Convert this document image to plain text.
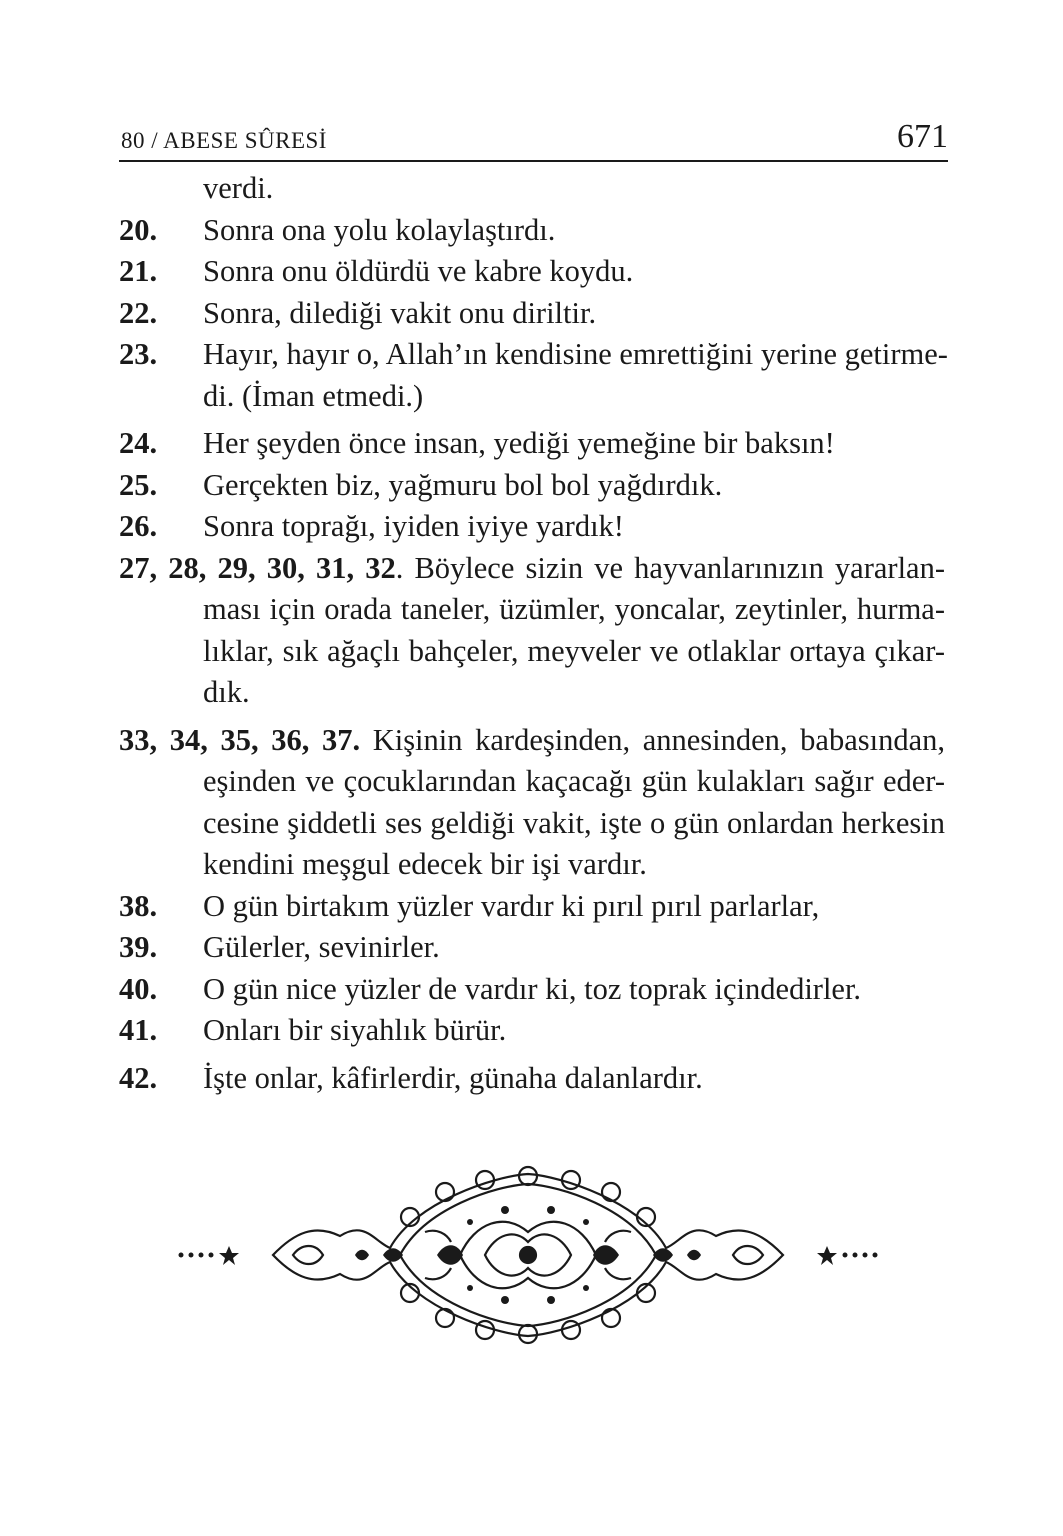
80 / ABESE SÛRESİ	671
verdi.
20. Sonra ona yolu kolaylaştırdı.
21. Sonra onu öldürdü ve kabre koydu.
22. Sonra, dilediği vakit onu diriltir.
23. Hayır, hayır o, Allah’ın kendisine emrettiğini yerine getirme-
di. (İman etmedi.)
24. Her şeyden önce insan, yediği yemeğine bir baksın!
25. Gerçekten biz, yağmuru bol bol yağdırdık.
26. Sonra toprağı, iyiden iyiye yardık!
27, 28, 29, 30, 31, 32. Böylece sizin ve hayvanlarınızın yararlan-
ması için orada taneler, üzümler, yoncalar, zeytinler, hurma-
lıklar, sık ağaçlı bahçeler, meyveler ve otlaklar ortaya çıkar-
dık.
33, 34, 35, 36, 37. Kişinin kardeşinden, annesinden, babasından,
eşinden ve çocuklarından kaçacağı gün kulakları sağır eder-
cesine şiddetli ses geldiği vakit, işte o gün onlardan herkesin
kendini meşgul edecek bir işi vardır.
38. O gün birtakım yüzler vardır ki pırıl pırıl parlarlar,
39. Gülerler, sevinirler.
40. O gün nice yüzler de vardır ki, toz toprak içindedirler.
41. Onları bir siyahlık bürür.
42. İşte onlar, kâfirlerdir, günaha dalanlardır.
